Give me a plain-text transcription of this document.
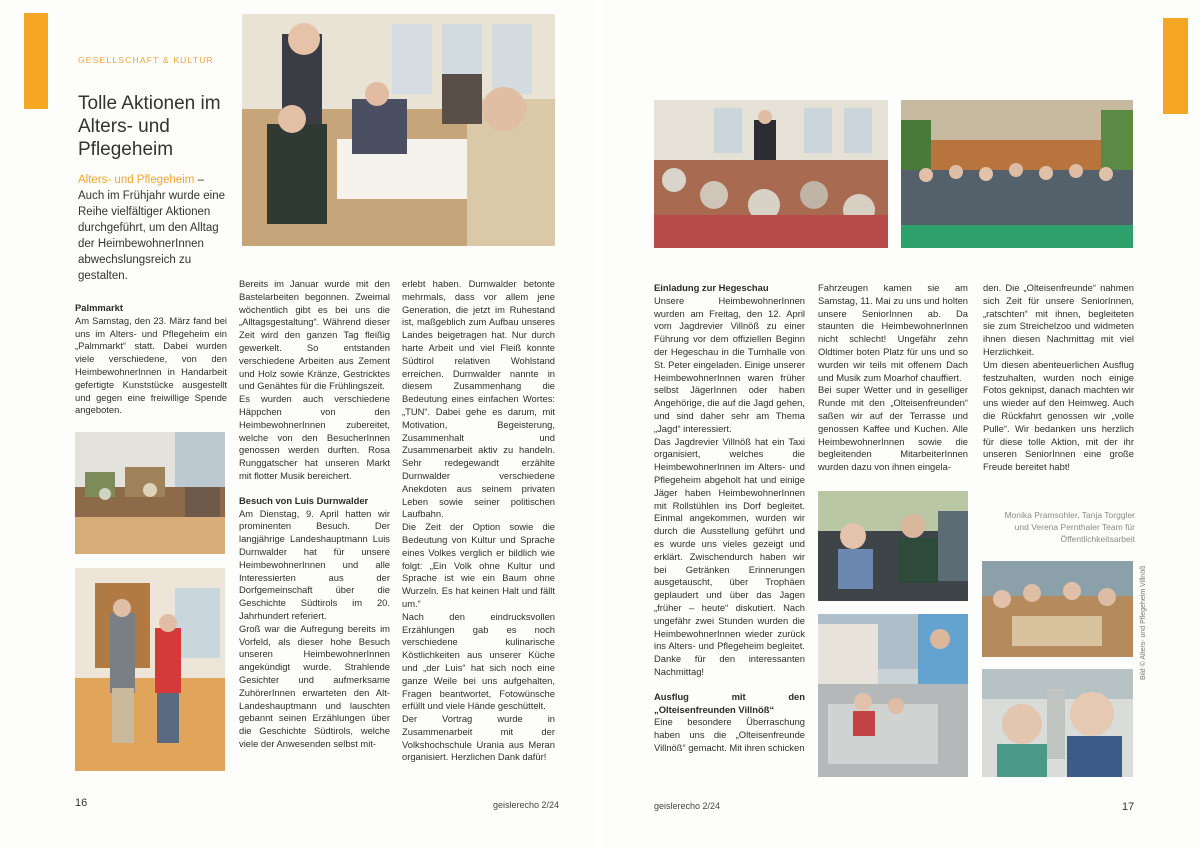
GESELLSCHAFT & KULTUR
Tolle Aktionen im Alters- und Pflegeheim
Alters- und Pflegeheim – Auch im Frühjahr wurde eine Reihe vielfältiger Aktionen durchgeführt, um den Alltag der HeimbewohnerInnen abwechslungsreich zu gestalten.
Palmmarkt

Am Samstag, den 23. März fand bei uns im Alters- und Pflegeheim ein „Palmmarkt“ statt. Dabei wurden viele verschiedene, von den HeimbewohnerInnen in Handarbeit gefertigte Kunststücke ausgestellt und gegen eine freiwillige Spende angeboten.

Bereits im Januar wurde mit den Bastelarbeiten begonnen. Zweimal wöchentlich gibt es bei uns die „Alltagsgestaltung“. Während dieser Zeit wird den ganzen Tag fleißig gewerkelt. So entstanden verschiedene Arbeiten aus Zement und Holz sowie Kränze, Gestricktes und Genähtes für die Frühlingszeit.

Es wurden auch verschiedene Häppchen von den HeimbewohnerInnen zubereitet, welche von den BesucherInnen genossen werden durften. Rosa Runggatscher hat unseren Markt mit flotter Musik bereichert.

Besuch von Luis Durnwalder

Am Dienstag, 9. April hatten wir prominenten Besuch. Der langjährige Landeshauptmann Luis Durnwalder hat für unsere HeimbewohnerInnen und alle Interessierten aus der Dorfgemeinschaft über die Geschichte Südtirols im 20. Jahrhundert referiert.

Groß war die Aufregung bereits im Vorfeld, als dieser hohe Besuch unseren HeimbewohnerInnen angekündigt wurde. Strahlende Gesichter und aufmerksame ZuhörerInnen erwarteten den Alt-Landeshauptmann und lauschten gebannt seinen Erzählungen über die Geschichte Südtirols, welche viele der Anwesenden selbst mit-

erlebt haben. Durnwalder betonte mehrmals, dass vor allem jene Generation, die jetzt im Ruhestand ist, maßgeblich zum Aufbau unseres Landes beigetragen hat. Nur durch harte Arbeit und viel Fleiß konnte Südtirol relativen Wohlstand erreichen. Durnwalder nannte in diesem Zusammenhang die Bedeutung eines einfachen Wortes: „TUN“. Dabei gehe es darum, mit Motivation, Begeisterung, Zusammenhalt und Zusammenarbeit aktiv zu handeln. Sehr redegewandt erzählte Durnwalder verschiedene Anekdoten aus seinem privaten Leben sowie seiner politischen Laufbahn.

Die Zeit der Option sowie die Bedeutung von Kultur und Sprache eines Volkes verglich er bildlich wie folgt: „Ein Volk ohne Kultur und Sprache ist wie ein Baum ohne Wurzeln. Es hat keinen Halt und fällt um.“

Nach den eindrucksvollen Erzählungen gab es noch verschiedene kulinarische Köstlichkeiten aus unserer Küche und „der Luis“ hat sich noch eine ganze Weile bei uns aufgehalten, Fragen beantwortet, Fotowünsche erfüllt und viele Hände geschüttelt.

Der Vortrag wurde in Zusammenarbeit mit der Volkshochschule Urania aus Meran organisiert. Herzlichen Dank dafür!

16	geislerecho 2/24
Einladung zur Hegeschau

Unsere HeimbewohnerInnen wurden am Freitag, den 12. April vom Jagdrevier Villnöß zu einer Führung vor dem offiziellen Beginn der Hegeschau in die Turnhalle von St. Peter eingeladen. Einige unserer HeimbewohnerInnen waren früher selbst JägerInnen oder haben Angehörige, die auf die Jagd gehen, und sind daher sehr am Thema „Jagd“ interessiert.

Das Jagdrevier Villnöß hat ein Taxi organisiert, welches die HeimbewohnerInnen im Alters- und Pflegeheim abgeholt hat und einige Jäger haben HeimbewohnerInnen mit Rollstühlen ins Dorf begleitet. Einmal angekommen, wurden wir durch die Ausstellung geführt und es wurde uns vieles gezeigt und erklärt. Zwischendurch haben wir bei Getränken Erinnerungen ausgetauscht, über Trophäen geplaudert und über das Jagen „früher – heute“ diskutiert. Nach ungefähr zwei Stunden wurden die HeimbewohnerInnen wieder zurück ins Alters- und Pflegeheim begleitet. Danke für den interessanten Nachmittag!

Ausflug mit den „Olteisenfreunden Villnöß“

Eine besondere Überraschung haben uns die „Olteisenfreunde Villnöß“ gemacht. Mit ihren schicken

Fahrzeugen kamen sie am Samstag, 11. Mai zu uns und holten unsere SeniorInnen ab. Da staunten die HeimbewohnerInnen nicht schlecht! Ungefähr zehn Oldtimer boten Platz für uns und so wurden wir teils mit offenem Dach und Musik zum Moarhof chauffiert.

Bei super Wetter und in geselliger Runde mit den „Olteisenfreunden“ saßen wir auf der Terrasse und genossen Kaffee und Kuchen. Alle HeimbewohnerInnen sowie die begleitenden MitarbeiterInnen wurden dazu von ihnen eingela-

den. Die „Olteisenfreunde“ nahmen sich Zeit für unsere SeniorInnen, „ratschten“ mit ihnen, begleiteten sie zum Streichelzoo und widmeten ihnen diesen Nachmittag mit viel Herzlichkeit.

Um diesen abenteuerlichen Ausflug festzuhalten, wurden noch einige Fotos geknipst, danach machten wir uns wieder auf den Heimweg. Auch die Rückfahrt genossen wir „volle Pulle“. Wir bedanken uns herzlich für diese tolle Aktion, mit der ihr unseren SeniorInnen eine große Freude bereitet habt!

Monika Pramsohler, Tanja Torggler und Verena Pernthaler Team für Öffentlichkeitsarbeit
Bild © Alters- und Pflegeheim Villnöß
geislerecho 2/24	17
